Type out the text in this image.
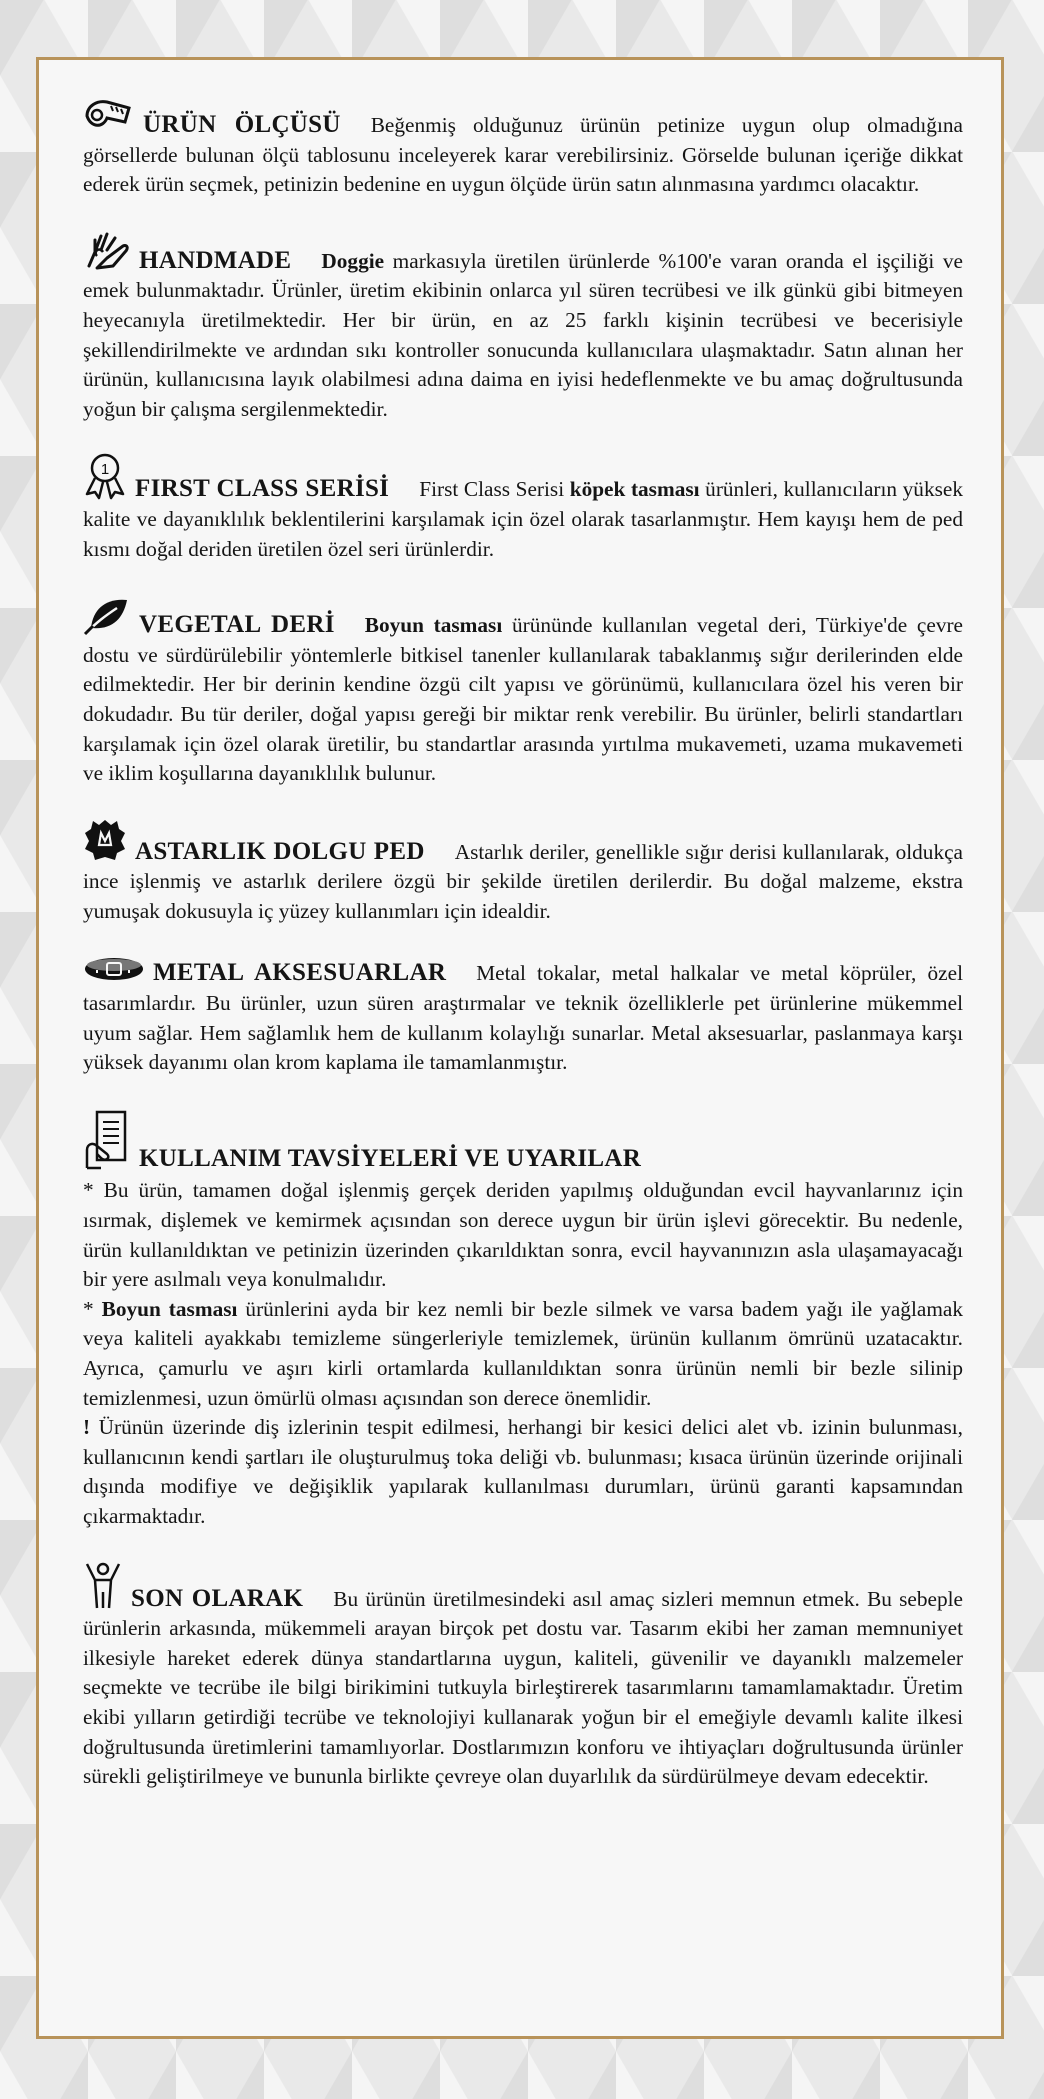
ÜRÜN ÖLÇÜSÜ Beğenmiş olduğunuz ürünün petinize uygun olup olmadığına görsellerde bulunan ölçü tablosunu inceleyerek karar verebilirsiniz. Görselde bulunan içeriğe dikkat ederek ürün seçmek, petinizin bedenine en uygun ölçüde ürün satın alınmasına yardımcı olacaktır.

HANDMADE Doggie markasıyla üretilen ürünlerde %100'e varan oranda el işçiliği ve emek bulunmaktadır. Ürünler, üretim ekibinin onlarca yıl süren tecrübesi ve ilk günkü gibi bitmeyen heyecanıyla üretilmektedir. Her bir ürün, en az 25 farklı kişinin tecrübesi ve becerisiyle şekillendirilmekte ve ardından sıkı kontroller sonucunda kullanıcılara ulaşmaktadır. Satın alınan her ürünün, kullanıcısına layık olabilmesi adına daima en iyisi hedeflenmekte ve bu amaç doğrultusunda yoğun bir çalışma sergilenmektedir.

1
FIRST CLASS SERİSİ First Class Serisi köpek tasması ürünleri, kullanıcıların yüksek kalite ve dayanıklılık beklentilerini karşılamak için özel olarak tasarlanmıştır. Hem kayışı hem de ped kısmı doğal deriden üretilen özel seri ürünlerdir.

VEGETAL DERİ Boyun tasması ürününde kullanılan vegetal deri, Türkiye'de çevre dostu ve sürdürülebilir yöntemlerle bitkisel tanenler kullanılarak tabaklanmış sığır derilerinden elde edilmektedir. Her bir derinin kendine özgü cilt yapısı ve görünümü, kullanıcılara özel his veren bir dokudadır. Bu tür deriler, doğal yapısı gereği bir miktar renk verebilir. Bu ürünler, belirli standartları karşılamak için özel olarak üretilir, bu standartlar arasında yırtılma mukavemeti, uzama mukavemeti ve iklim koşullarına dayanıklılık bulunur.

ASTARLIK DOLGU PED Astarlık deriler, genellikle sığır derisi kullanılarak, oldukça ince işlenmiş ve astarlık derilere özgü bir şekilde üretilen derilerdir. Bu doğal malzeme, ekstra yumuşak dokusuyla iç yüzey kullanımları için idealdir.

METAL AKSESUARLAR Metal tokalar, metal halkalar ve metal köprüler, özel tasarımlardır. Bu ürünler, uzun süren araştırmalar ve teknik özelliklerle pet ürünlerine mükemmel uyum sağlar. Hem sağlamlık hem de kullanım kolaylığı sunarlar. Metal aksesuarlar, paslanmaya karşı yüksek dayanımı olan krom kaplama ile tamamlanmıştır.

KULLANIM TAVSİYELERİ VE UYARILAR

* Bu ürün, tamamen doğal işlenmiş gerçek deriden yapılmış olduğundan evcil hayvanlarınız için ısırmak, dişlemek ve kemirmek açısından son derece uygun bir ürün işlevi görecektir. Bu nedenle, ürün kullanıldıktan ve petinizin üzerinden çıkarıldıktan sonra, evcil hayvanınızın asla ulaşamayacağı bir yere asılmalı veya konulmalıdır.

* Boyun tasması ürünlerini ayda bir kez nemli bir bezle silmek ve varsa badem yağı ile yağlamak veya kaliteli ayakkabı temizleme süngerleriyle temizlemek, ürünün kullanım ömrünü uzatacaktır. Ayrıca, çamurlu ve aşırı kirli ortamlarda kullanıldıktan sonra ürünün nemli bir bezle silinip temizlenmesi, uzun ömürlü olması açısından son derece önemlidir.

! Ürünün üzerinde diş izlerinin tespit edilmesi, herhangi bir kesici delici alet vb. izinin bulunması, kullanıcının kendi şartları ile oluşturulmuş toka deliği vb. bulunması; kısaca ürünün üzerinde orijinali dışında modifiye ve değişiklik yapılarak kullanılması durumları, ürünü garanti kapsamından çıkarmaktadır.

SON OLARAK Bu ürünün üretilmesindeki asıl amaç sizleri memnun etmek. Bu sebeple ürünlerin arkasında, mükemmeli arayan birçok pet dostu var. Tasarım ekibi her zaman memnuniyet ilkesiyle hareket ederek dünya standartlarına uygun, kaliteli, güvenilir ve dayanıklı malzemeler seçmekte ve tecrübe ile bilgi birikimini tutkuyla birleştirerek tasarımlarını tamamlamaktadır. Üretim ekibi yılların getirdiği tecrübe ve teknolojiyi kullanarak yoğun bir el emeğiyle devamlı kalite ilkesi doğrultusunda üretimlerini tamamlıyorlar. Dostlarımızın konforu ve ihtiyaçları doğrultusunda ürünler sürekli geliştirilmeye ve bununla birlikte çevreye olan duyarlılık da sürdürülmeye devam edecektir.
